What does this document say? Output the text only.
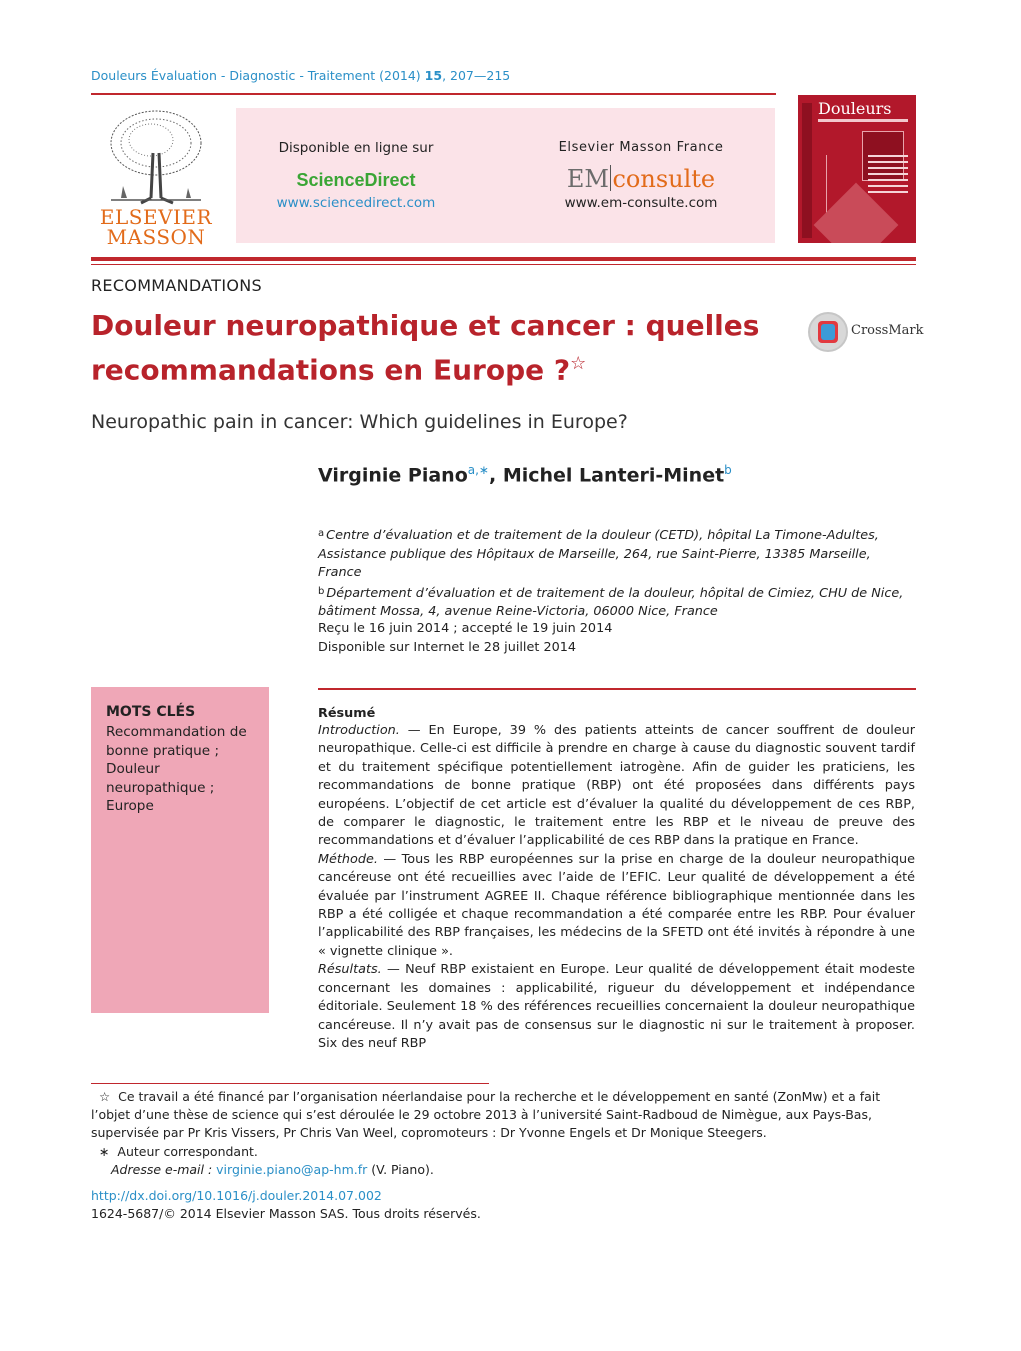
Douleurs Évaluation - Diagnostic - Traitement (2014) 15, 207—215
ELSEVIER
MASSON
Disponible en ligne sur
ScienceDirect
www.sciencedirect.com
Elsevier Masson France
EM consulte
www.em-consulte.com
Douleurs
RECOMMANDATIONS
Douleur neuropathique et cancer : quelles
recommandations en Europe ?☆
CrossMark
Neuropathic pain in cancer: Which guidelines in Europe?
Virginie Piano$^{a,∗}$, Michel Lanteri-Minet$^b$
$^a$ Centre d’évaluation et de traitement de la douleur (CETD), hôpital La Timone-Adultes, Assistance publique des Hôpitaux de Marseille, 264, rue Saint-Pierre, 13385 Marseille, France
$^b$ Département d’évaluation et de traitement de la douleur, hôpital de Cimiez, CHU de Nice, bâtiment Mossa, 4, avenue Reine-Victoria, 06000 Nice, France
Reçu le 16 juin 2014 ; accepté le 19 juin 2014
Disponible sur Internet le 28 juillet 2014
MOTS CLÉS
Recommandation de bonne pratique ;
Douleur neuropathique ;
Europe
Résumé

Introduction. — En Europe, 39 % des patients atteints de cancer souffrent de douleur neuropathique. Celle-ci est difficile à prendre en charge à cause du diagnostic souvent tardif et du traitement spécifique potentiellement iatrogène. Afin de guider les praticiens, les recommandations de bonne pratique (RBP) ont été proposées dans différents pays européens. L’objectif de cet article est d’évaluer la qualité du développement de ces RBP, de comparer le diagnostic, le traitement entre les RBP et le niveau de preuve des recommandations et d’évaluer l’applicabilité de ces RBP dans la pratique en France.

Méthode. — Tous les RBP européennes sur la prise en charge de la douleur neuropathique cancéreuse ont été recueillies avec l’aide de l’EFIC. Leur qualité de développement a été évaluée par l’instrument AGREE II. Chaque référence bibliographique mentionnée dans les RBP a été colligée et chaque recommandation a été comparée entre les RBP. Pour évaluer l’applicabilité des RBP françaises, les médecins de la SFETD ont été invités à répondre à une « vignette clinique ».

Résultats. — Neuf RBP existaient en Europe. Leur qualité de développement était modeste concernant les domaines : applicabilité, rigueur du développement et indépendance éditoriale. Seulement 18 % des références recueillies concernaient la douleur neuropathique cancéreuse. Il n’y avait pas de consensus sur le diagnostic ni sur le traitement à proposer. Six des neuf RBP

☆ Ce travail a été financé par l’organisation néerlandaise pour la recherche et le développement en santé (ZonMw) et a fait l’objet d’une thèse de science qui s’est déroulée le 29 octobre 2013 à l’université Saint-Radboud de Nimègue, aux Pays-Bas, supervisée par Pr Kris Vissers, Pr Chris Van Weel, copromoteurs : Dr Yvonne Engels et Dr Monique Steegers.

∗ Auteur correspondant.

Adresse e-mail : virginie.piano@ap-hm.fr (V. Piano).

http://dx.doi.org/10.1016/j.douler.2014.07.002
1624-5687/© 2014 Elsevier Masson SAS. Tous droits réservés.
